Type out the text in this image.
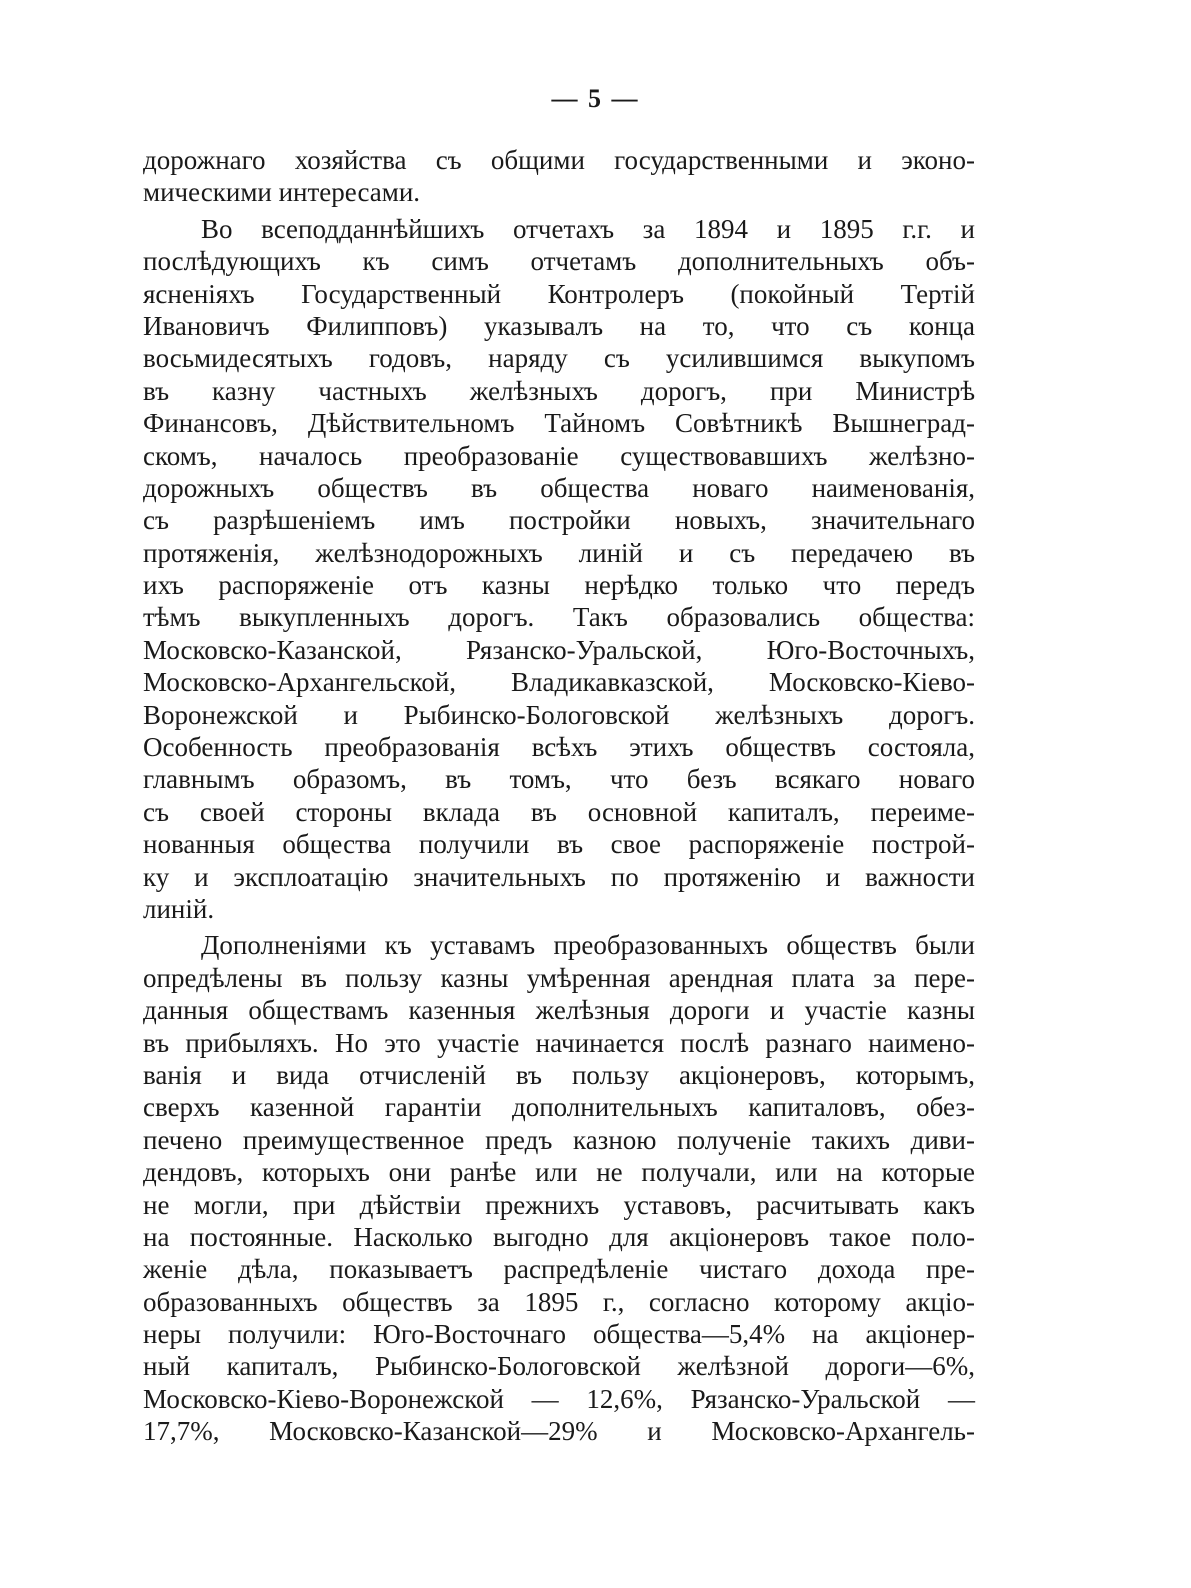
— 5 —
дорожнаго хозяйства съ общими государственными и эконо-
мическими интересами.
Во всеподданнѣйшихъ отчетахъ за 1894 и 1895 г.г. и
послѣдующихъ къ симъ отчетамъ дополнительныхъ объ-
ясненіяхъ Государственный Контролеръ (покойный Тертій
Ивановичъ Филипповъ) указывалъ на то, что съ конца
восьмидесятыхъ годовъ, наряду съ усилившимся выкупомъ
въ казну частныхъ желѣзныхъ дорогъ, при Министрѣ
Финансовъ, Дѣйствительномъ Тайномъ Совѣтникѣ Вышнеград-
скомъ, началось преобразованіе существовавшихъ желѣзно-
дорожныхъ обществъ въ общества новаго наименованія,
съ разрѣшеніемъ имъ постройки новыхъ, значительнаго
протяженія, желѣзнодорожныхъ линій и съ передачею въ
ихъ распоряженіе отъ казны нерѣдко только что передъ
тѣмъ выкупленныхъ дорогъ. Такъ образовались общества:
Московско-Казанской, Рязанско-Уральской, Юго-Восточныхъ,
Московско-Архангельской, Владикавказской, Московско-Кіево-
Воронежской и Рыбинско-Бологовской желѣзныхъ дорогъ.
Особенность преобразованія всѣхъ этихъ обществъ состояла,
главнымъ образомъ, въ томъ, что безъ всякаго новаго
съ своей стороны вклада въ основной капиталъ, переиме-
нованныя общества получили въ свое распоряженіе построй-
ку и эксплоатацію значительныхъ по протяженію и важности
линій.
Дополненіями къ уставамъ преобразованныхъ обществъ были
опредѣлены въ пользу казны умѣренная арендная плата за пере-
данныя обществамъ казенныя желѣзныя дороги и участіе казны
въ прибыляхъ. Но это участіе начинается послѣ разнаго наимено-
ванія и вида отчисленій въ пользу акціонеровъ, которымъ,
сверхъ казенной гарантіи дополнительныхъ капиталовъ, обез-
печено преимущественное предъ казною полученіе такихъ диви-
дендовъ, которыхъ они ранѣе или не получали, или на которые
не могли, при дѣйствіи прежнихъ уставовъ, расчитывать какъ
на постоянные. Насколько выгодно для акціонеровъ такое поло-
женіе дѣла, показываетъ распредѣленіе чистаго дохода пре-
образованныхъ обществъ за 1895 г., согласно которому акціо-
неры получили: Юго-Восточнаго общества—5,4% на акціонер-
ный капиталъ, Рыбинско-Бологовской желѣзной дороги—6%,
Московско-Кіево-Воронежской — 12,6%, Рязанско-Уральской —
17,7%, Московско-Казанской—29% и Московско-Архангель-
